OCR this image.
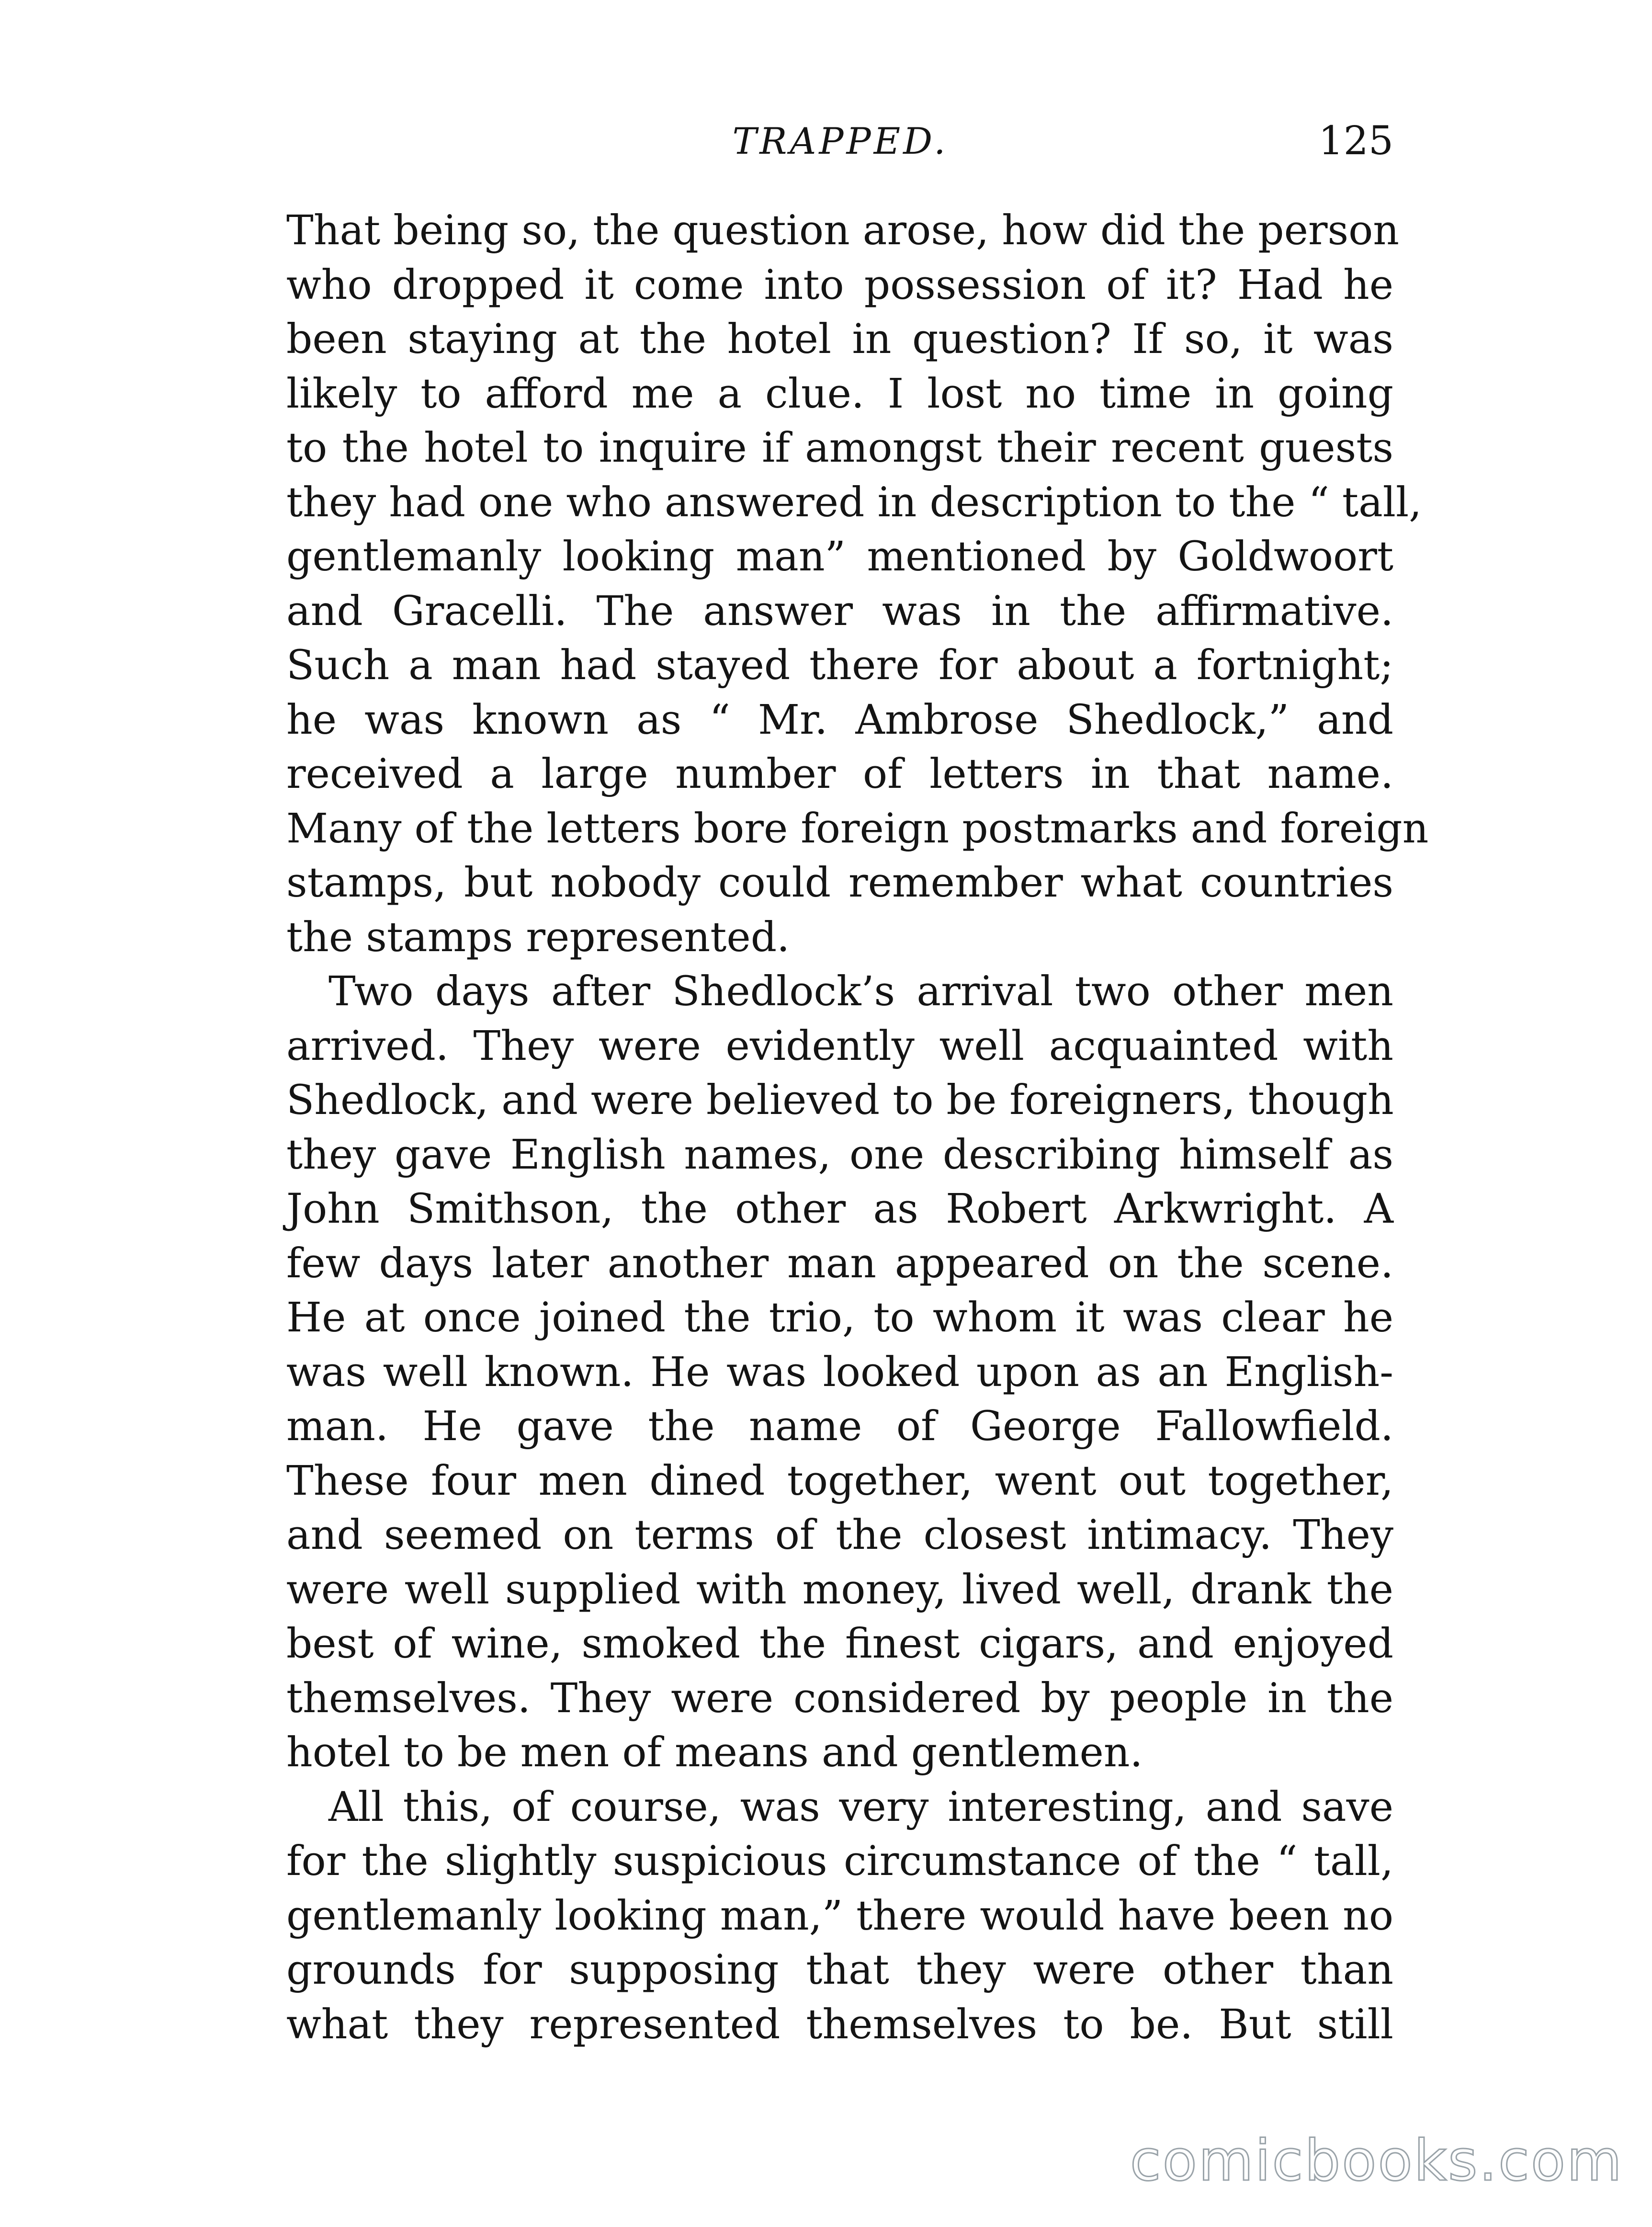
TRAPPED.	125
That being so, the question arose, how did the person
who dropped it come into possession of it? Had he
been staying at the hotel in question? If so, it was
likely to afford me a clue. I lost no time in going
to the hotel to inquire if amongst their recent guests
they had one who answered in description to the “ tall,
gentlemanly looking man” mentioned by Goldwoort
and Gracelli. The answer was in the affirmative.
Such a man had stayed there for about a fortnight;
he was known as “ Mr. Ambrose Shedlock,” and
received a large number of letters in that name.
Many of the letters bore foreign postmarks and foreign
stamps, but nobody could remember what countries
the stamps represented.
Two days after Shedlock’s arrival two other men
arrived. They were evidently well acquainted with
Shedlock, and were believed to be foreigners, though
they gave English names, one describing himself as
John Smithson, the other as Robert Arkwright. A
few days later another man appeared on the scene.
He at once joined the trio, to whom it was clear he
was well known. He was looked upon as an English-
man. He gave the name of George Fallowfield.
These four men dined together, went out together,
and seemed on terms of the closest intimacy. They
were well supplied with money, lived well, drank the
best of wine, smoked the finest cigars, and enjoyed
themselves. They were considered by people in the
hotel to be men of means and gentlemen.
All this, of course, was very interesting, and save
for the slightly suspicious circumstance of the “ tall,
gentlemanly looking man,” there would have been no
grounds for supposing that they were other than
what they represented themselves to be. But still
comicbooks.com
